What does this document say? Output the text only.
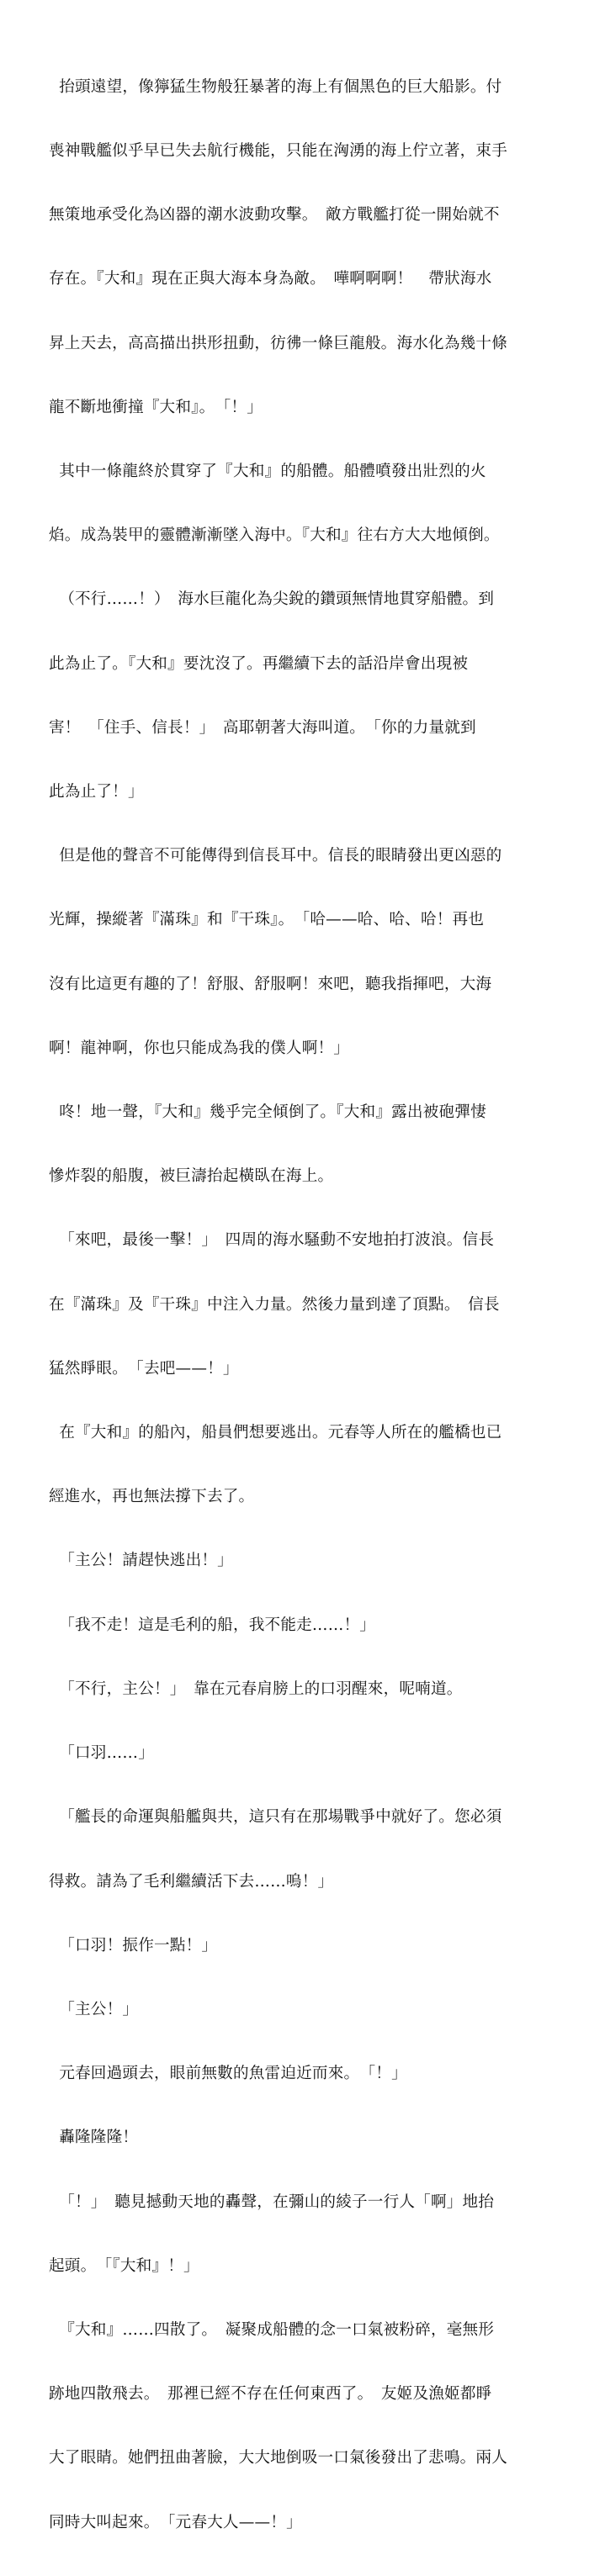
抬頭遠望，像獰猛生物般狂暴著的海上有個黑色的巨大船影。付

喪神戰艦似乎早已失去航行機能，只能在洶湧的海上佇立著，束手

無策地承受化為凶器的潮水波動攻擊。　敵方戰艦打從一開始就不

存在。『大和』現在正與大海本身為敵。　嘩啊啊啊！　帶狀海水

昇上天去，高高描出拱形扭動，彷彿一條巨龍般。海水化為幾十條

龍不斷地衝撞『大和』。　「！」

其中一條龍終於貫穿了『大和』的船體。船體噴發出壯烈的火

焰。成為裝甲的靈體漸漸墜入海中。『大和』往右方大大地傾倒。

（不行……！）　海水巨龍化為尖銳的鑽頭無情地貫穿船體。到

此為止了。『大和』要沈沒了。再繼續下去的話沿岸會出現被

害！　「住手、信長！」　高耶朝著大海叫道。　「你的力量就到

此為止了！」

但是他的聲音不可能傳得到信長耳中。信長的眼睛發出更凶惡的

光輝，操縱著『滿珠』和『干珠』。　「哈——哈、哈、哈！再也

沒有比這更有趣的了！舒服、舒服啊！來吧，聽我指揮吧，大海

啊！龍神啊，你也只能成為我的僕人啊！」

咚！地一聲，『大和』幾乎完全傾倒了。『大和』露出被砲彈悽

慘炸裂的船腹，被巨濤抬起橫臥在海上。

「來吧，最後一擊！」　四周的海水騷動不安地拍打波浪。信長

在『滿珠』及『干珠』中注入力量。然後力量到達了頂點。　信長

猛然睜眼。　「去吧——！」

在『大和』的船內，船員們想要逃出。元春等人所在的艦橋也已

經進水，再也無法撐下去了。

「主公！請趕快逃出！」

「我不走！這是毛利的船，我不能走……！」

「不行，主公！」　靠在元春肩膀上的口羽醒來，呢喃道。

「口羽……」

「艦長的命運與船艦與共，這只有在那場戰爭中就好了。您必須

得救。請為了毛利繼續活下去……嗚！」

「口羽！振作一點！」

「主公！」

元春回過頭去，眼前無數的魚雷迫近而來。　「！」

轟隆隆隆！

「！」　聽見撼動天地的轟聲，在彌山的綾子一行人「啊」地抬

起頭。　「『大和』！」

『大和』……四散了。　凝聚成船體的念一口氣被粉碎，毫無形

跡地四散飛去。　那裡已經不存在任何東西了。　友姬及漁姬都睜

大了眼睛。她們扭曲著臉，大大地倒吸一口氣後發出了悲鳴。兩人

同時大叫起來。　「元春大人——！」
